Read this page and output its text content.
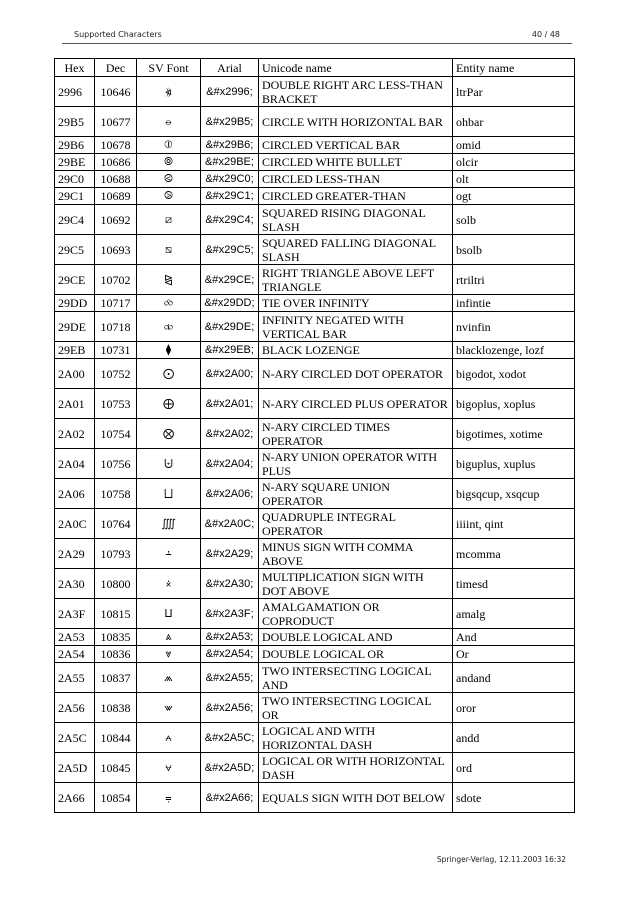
Supported Characters	40 / 48
Hex	Dec	SV Font	Arial	Unicode name	Entity name
2996	10646	⦖	&#x2996;	DOUBLE RIGHT ARC LESS-THAN BRACKET	ltrPar
29B5	10677	⦵	&#x29B5;	CIRCLE WITH HORIZONTAL BAR	ohbar
29B6	10678	⦶	&#x29B6;	CIRCLED VERTICAL BAR	omid
29BE	10686	⦾	&#x29BE;	CIRCLED WHITE BULLET	olcir
29C0	10688	⧀	&#x29C0;	CIRCLED LESS-THAN	olt
29C1	10689	⧁	&#x29C1;	CIRCLED GREATER-THAN	ogt
29C4	10692	⧄	&#x29C4;	SQUARED RISING DIAGONAL SLASH	solb
29C5	10693	⧅	&#x29C5;	SQUARED FALLING DIAGONAL SLASH	bsolb
29CE	10702	⧎	&#x29CE;	RIGHT TRIANGLE ABOVE LEFT TRIANGLE	rtriltri
29DD	10717	⧝	&#x29DD;	TIE OVER INFINITY	infintie
29DE	10718	⧞	&#x29DE;	INFINITY NEGATED WITH VERTICAL BAR	nvinfin
29EB	10731	⧫	&#x29EB;	BLACK LOZENGE	blacklozenge, lozf
2A00	10752	⨀	&#x2A00;	N-ARY CIRCLED DOT OPERATOR	bigodot, xodot
2A01	10753	⨁	&#x2A01;	N-ARY CIRCLED PLUS OPERATOR	bigoplus, xoplus
2A02	10754	⨂	&#x2A02;	N-ARY CIRCLED TIMES OPERATOR	bigotimes, xotime
2A04	10756	⨄	&#x2A04;	N-ARY UNION OPERATOR WITH PLUS	biguplus, xuplus
2A06	10758	⨆	&#x2A06;	N-ARY SQUARE UNION OPERATOR	bigsqcup, xsqcup
2A0C	10764	⨌	&#x2A0C;	QUADRUPLE INTEGRAL OPERATOR	iiiint, qint
2A29	10793	⨩	&#x2A29;	MINUS SIGN WITH COMMA ABOVE	mcomma
2A30	10800	⨰	&#x2A30;	MULTIPLICATION SIGN WITH DOT ABOVE	timesd
2A3F	10815	⨿	&#x2A3F;	AMALGAMATION OR COPRODUCT	amalg
2A53	10835	⩓	&#x2A53;	DOUBLE LOGICAL AND	And
2A54	10836	⩔	&#x2A54;	DOUBLE LOGICAL OR	Or
2A55	10837	⩕	&#x2A55;	TWO INTERSECTING LOGICAL AND	andand
2A56	10838	⩖	&#x2A56;	TWO INTERSECTING LOGICAL OR	oror
2A5C	10844	⩜	&#x2A5C;	LOGICAL AND WITH HORIZONTAL DASH	andd
2A5D	10845	⩝	&#x2A5D;	LOGICAL OR WITH HORIZONTAL DASH	ord
2A66	10854	⩦	&#x2A66;	EQUALS SIGN WITH DOT BELOW	sdote
Springer-Verlag, 12.11.2003 16:32
